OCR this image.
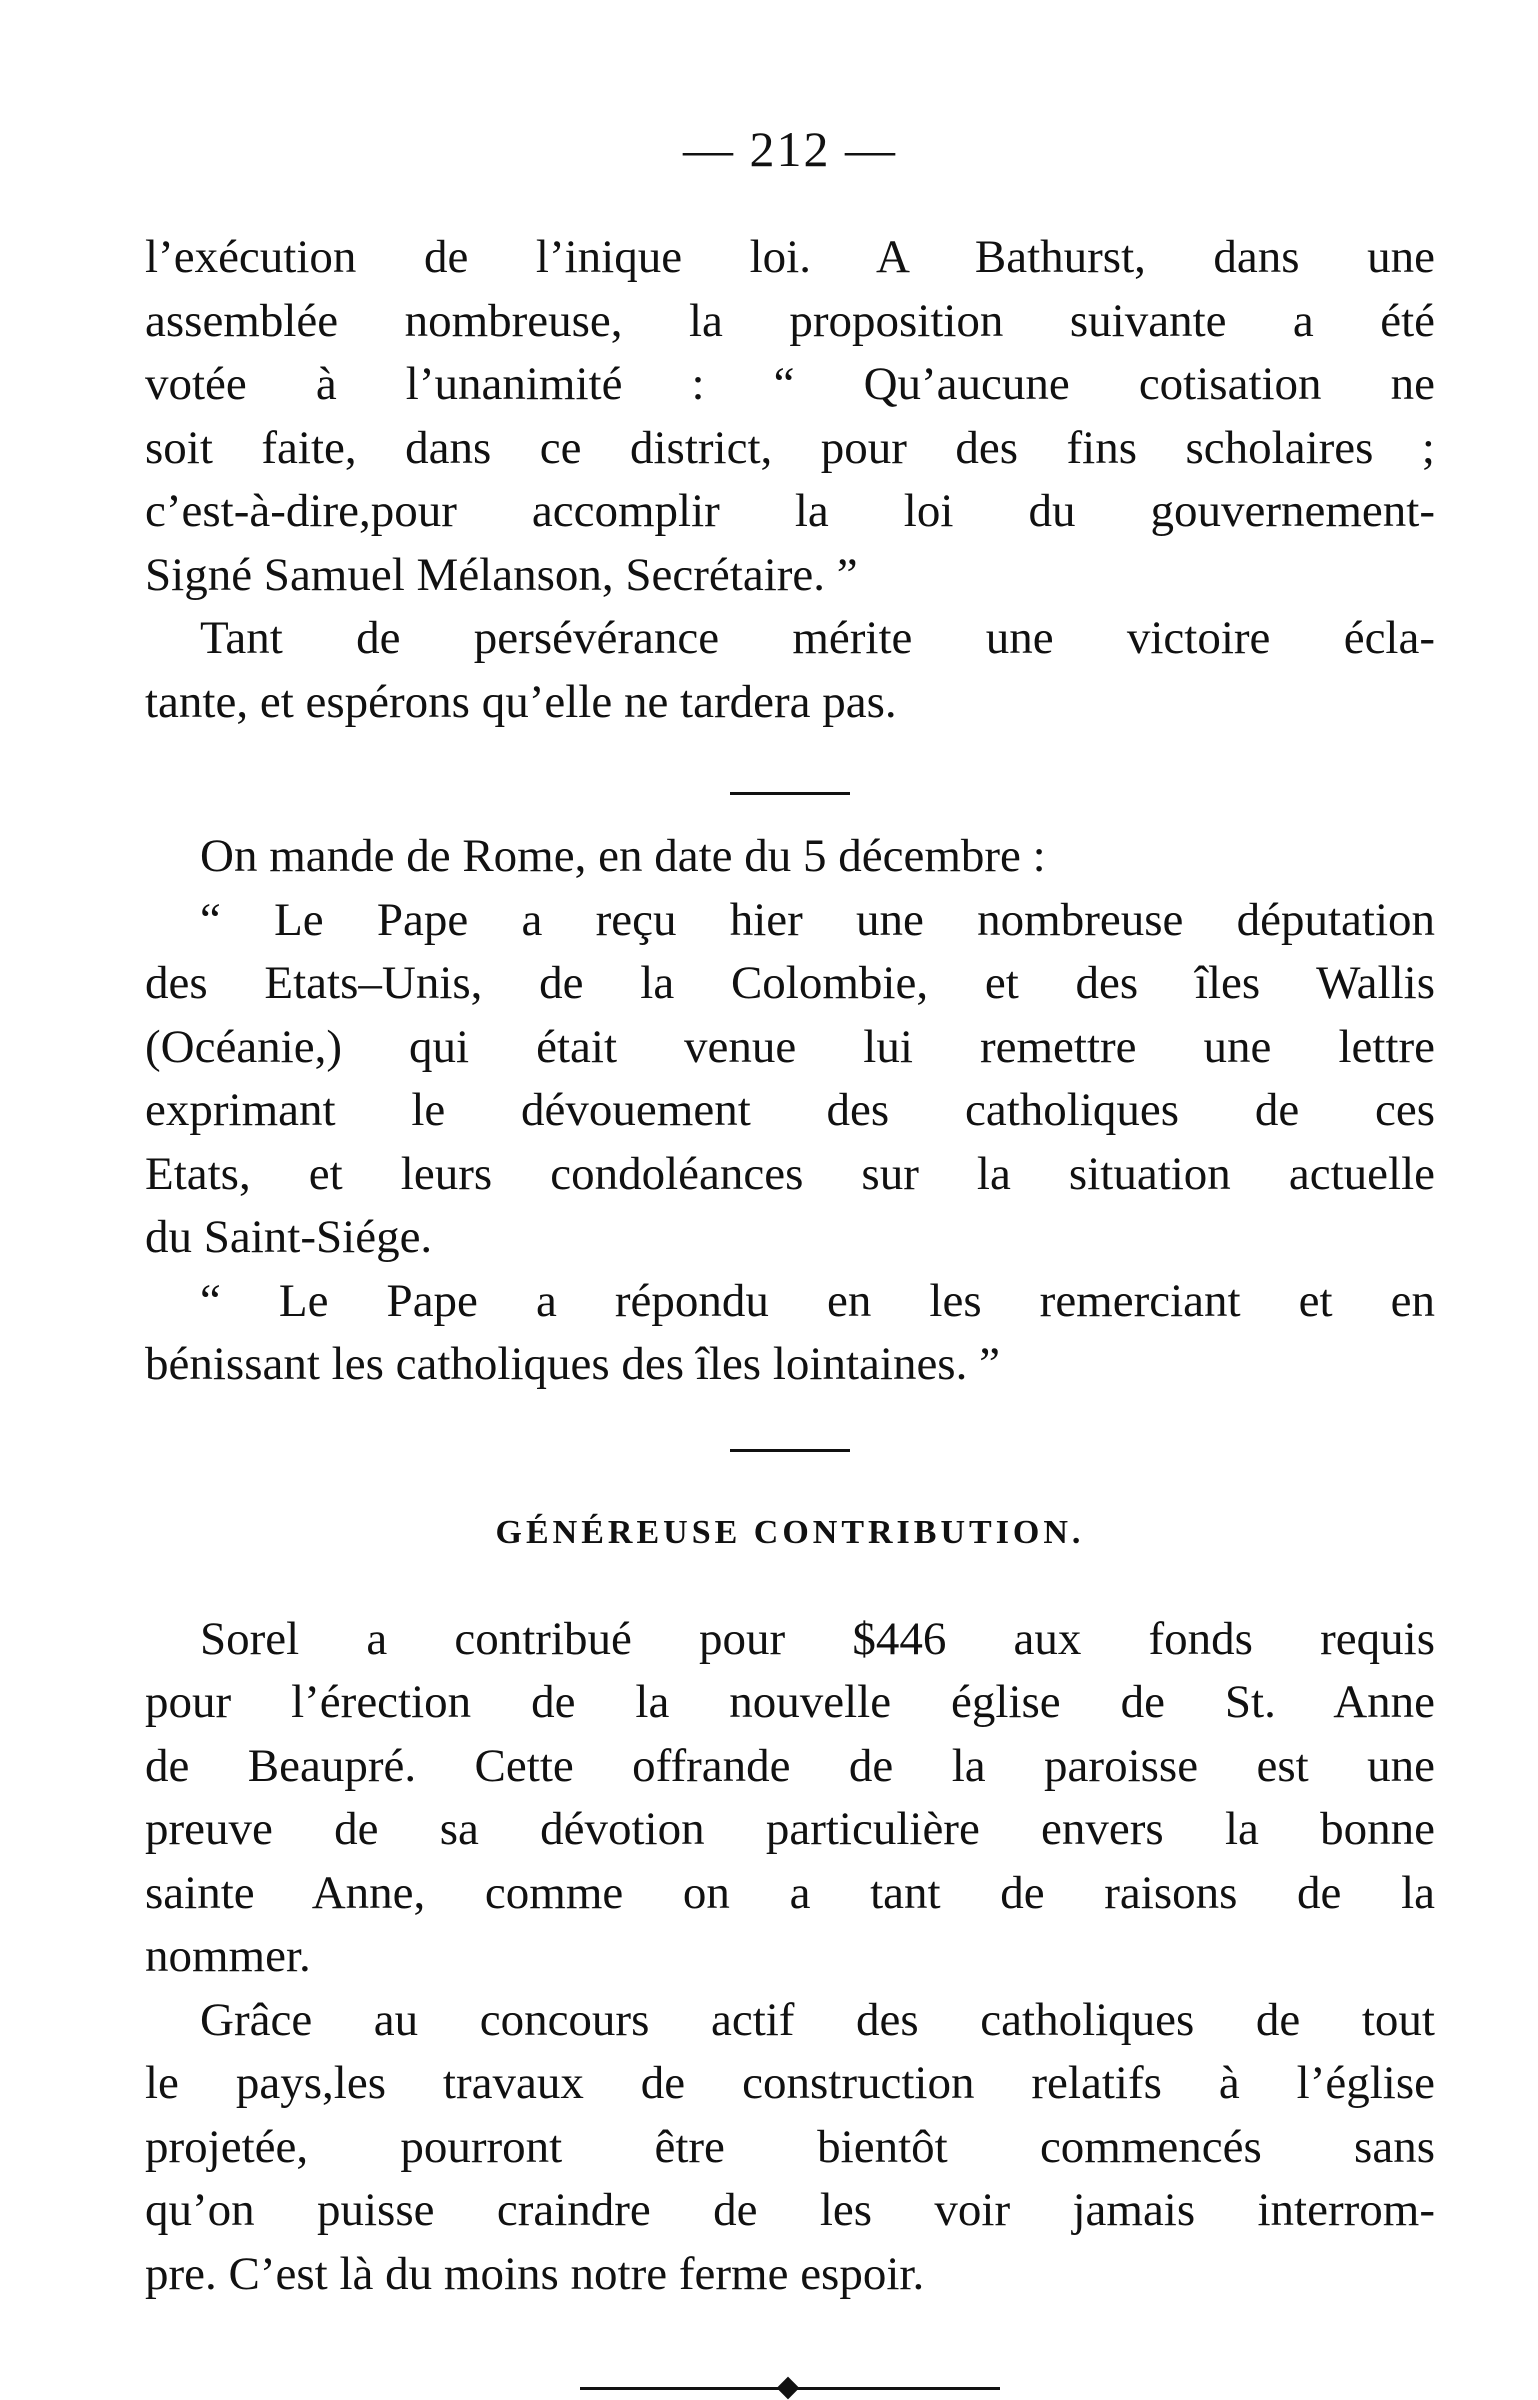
— 212 —
l’exécution de l’inique loi. A Bathurst, dans une
assemblée nombreuse, la proposition suivante a été
votée à l’unanimité : “ Qu’aucune cotisation ne
soit faite, dans ce district, pour des fins scholaires ;
c’est-à-dire,pour accomplir la loi du gouvernement-
Signé Samuel Mélanson, Secrétaire. ”
Tant de persévérance mérite une victoire écla-
tante, et espérons qu’elle ne tardera pas.
On mande de Rome, en date du 5 décembre :
“ Le Pape a reçu hier une nombreuse députation
des Etats–Unis, de la Colombie, et des îles Wallis
(Océanie,) qui était venue lui remettre une lettre
exprimant le dévouement des catholiques de ces
Etats, et leurs condoléances sur la situation actuelle
du Saint-Siége.
“ Le Pape a répondu en les remerciant et en
bénissant les catholiques des îles lointaines. ”
GÉNÉREUSE CONTRIBUTION.
Sorel a contribué pour $446 aux fonds requis
pour l’érection de la nouvelle église de St. Anne
de Beaupré. Cette offrande de la paroisse est une
preuve de sa dévotion particulière envers la bonne
sainte Anne, comme on a tant de raisons de la
nommer.
Grâce au concours actif des catholiques de tout
le pays,les travaux de construction relatifs à l’église
projetée, pourront être bientôt commencés sans
qu’on puisse craindre de les voir jamais interrom-
pre. C’est là du moins notre ferme espoir.
